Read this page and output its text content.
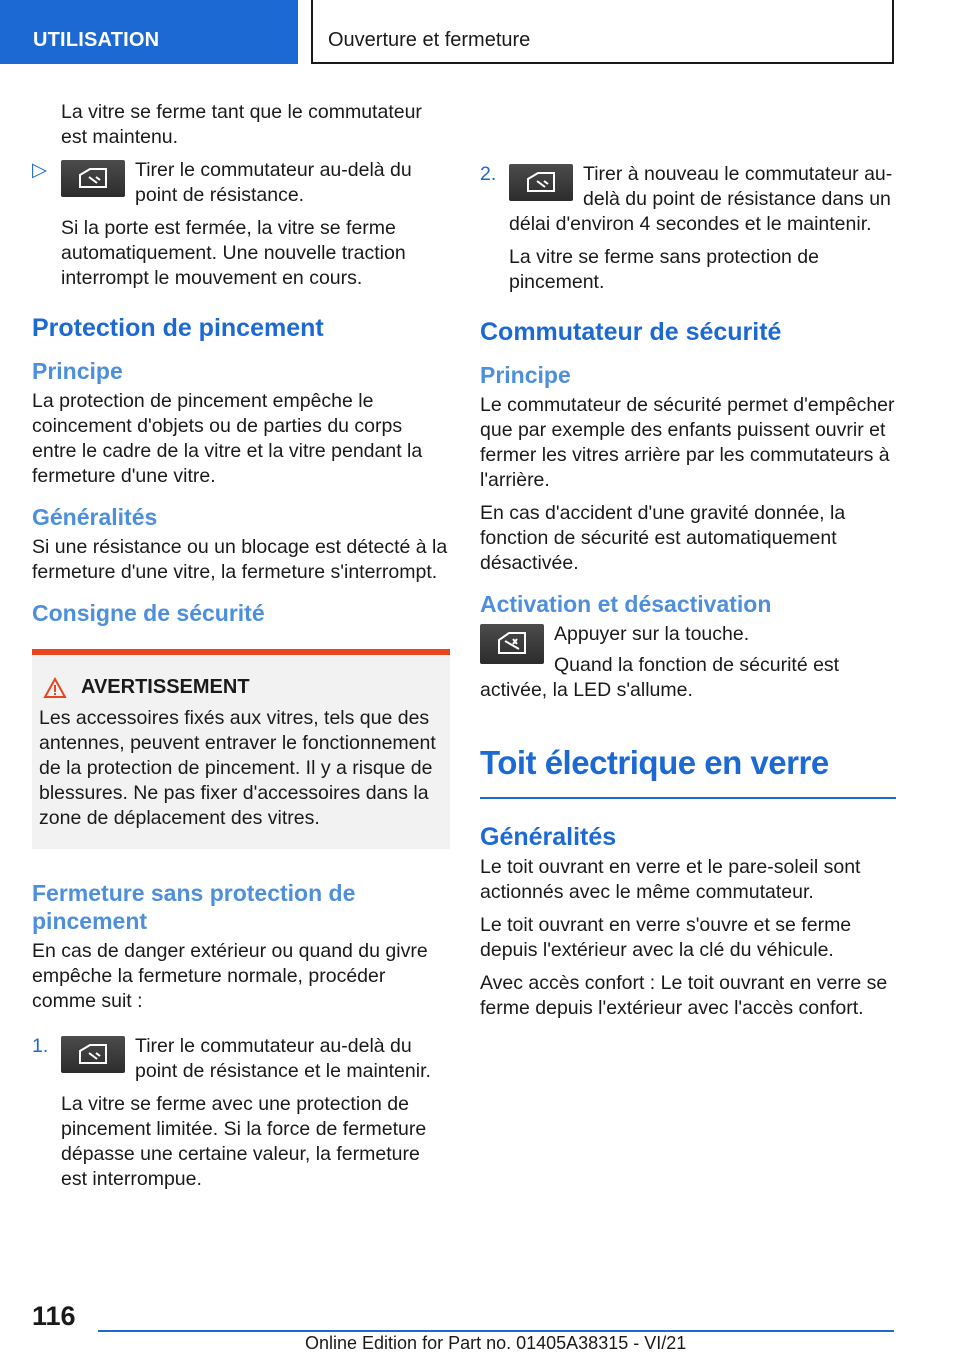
UTILISATION	Ouverture et fermeture

La vitre se ferme tant que le commutateur est maintenu.

▷	Tirer le commutateur au-delà du point de résistance.

Si la porte est fermée, la vitre se ferme automatiquement. Une nouvelle traction interrompt le mouvement en cours.

Protection de pincement
Principe

La protection de pincement empêche le coincement d'objets ou de parties du corps entre le cadre de la vitre et la vitre pendant la fermeture d'une vitre.

Généralités

Si une résistance ou un blocage est détecté à la fermeture d'une vitre, la fermeture s'interrompt.

Consigne de sécurité
AVERTISSEMENT
Les accessoires fixés aux vitres, tels que des antennes, peuvent entraver le fonctionnement de la protection de pincement. Il y a risque de blessures. Ne pas fixer d'accessoires dans la zone de déplacement des vitres.
Fermeture sans protection de pincement

En cas de danger extérieur ou quand du givre empêche la fermeture normale, procéder comme suit :

1.	Tirer le commutateur au-delà du point de résistance et le maintenir.

La vitre se ferme avec une protection de pincement limitée. Si la force de fermeture dépasse une certaine valeur, la fermeture est interrompue.

2.	Tirer à nouveau le commutateur au-delà du point de résistance dans un délai d'environ 4 secondes et le maintenir.

La vitre se ferme sans protection de pincement.

Commutateur de sécurité
Principe

Le commutateur de sécurité permet d'empêcher que par exemple des enfants puissent ouvrir et fermer les vitres arrière par les commutateurs à l'arrière.

En cas d'accident d'une gravité donnée, la fonction de sécurité est automatiquement désactivée.

Activation et désactivation

Appuyer sur la touche.

Quand la fonction de sécurité est activée, la LED s'allume.

Toit électrique en verre
Généralités

Le toit ouvrant en verre et le pare-soleil sont actionnés avec le même commutateur.

Le toit ouvrant en verre s'ouvre et se ferme depuis l'extérieur avec la clé du véhicule.

Avec accès confort : Le toit ouvrant en verre se ferme depuis l'extérieur avec l'accès confort.

116
Online Edition for Part no. 01405A38315 - VI/21
